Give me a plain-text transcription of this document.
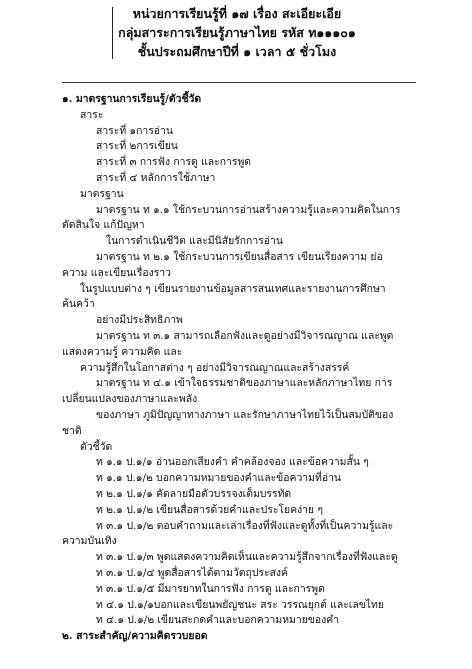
หน่วยการเรียนรู้ที่ ๑๗ เรื่อง สะเอียะเอีย
กลุ่มสาระการเรียนรู้ภาษาไทย รหัส ท๑๑๑๐๑
ชั้นประถมศึกษาปีที่ ๑ เวลา ๕ ชั่วโมง
๑. มาตรฐานการเรียนรู้/ตัวชี้วัด
สาระ
สาระที่ ๑การอ่าน
สาระที่ ๒การเขียน
สาระที่ ๓ การฟัง การดู และการพูด
สาระที่ ๔ หลักการใช้ภาษา
มาตรฐาน
มาตรฐาน ท ๑.๑ ใช้กระบวนการอ่านสร้างความรู้และความคิดในการ
ตัดสินใจ แก้ปัญหา
ในการดำเนินชีวิต และมีนิสัยรักการอ่าน
มาตรฐาน ท ๒.๑ ใช้กระบวนการเขียนสื่อสาร เขียนเรียงความ ย่อ
ความ และเขียนเรื่องราว
ในรูปแบบต่าง ๆ เขียนรายงานข้อมูลสารสนเทศและรายงานการศึกษา
ค้นคว้า
อย่างมีประสิทธิภาพ
มาตรฐาน ท ๓.๑ สามารถเลือกฟังและดูอย่างมีวิจารณญาณ และพูด
แสดงความรู้ ความคิด และ
ความรู้สึกในโอกาสต่าง ๆ อย่างมีวิจารณญาณและสร้างสรรค์
มาตรฐาน ท ๔.๑ เข้าใจธรรมชาติของภาษาและหลักภาษาไทย การ
เปลี่ยนแปลงของภาษาและพลัง
ของภาษา ภูมิปัญญาทางภาษา และรักษาภาษาไทยไว้เป็นสมบัติของ
ชาติ
ตัวชี้วัด
ท ๑.๑ ป.๑/๑ อ่านออกเสียงคำ คำคล้องจอง และข้อความสั้น ๆ
ท ๑.๑ ป.๑/๒ บอกความหมายของคำและข้อความที่อ่าน
ท ๒.๑ ป.๑/๑ คัดลายมือตัวบรรจงเต็มบรรทัด
ท ๒.๑ ป.๑/๒ เขียนสื่อสารด้วยคำและประโยคง่าย ๆ
ท ๓.๑ ป.๑/๒ ตอบคำถามและเล่าเรื่องที่ฟังและดูทั้งที่เป็นความรู้และ
ความบันเทิง
ท ๓.๑ ป.๑/๓ พูดแสดงความคิดเห็นและความรู้สึกจากเรื่องที่ฟังและดู
ท ๓.๑ ป.๑/๔ พูดสื่อสารได้ตามวัตถุประสงค์
ท ๓.๑ ป.๑/๕ มีมารยาทในการฟัง การดู และการพูด
ท ๔.๑ ป.๑/๑บอกและเขียนพยัญชนะ สระ วรรณยุกต์ และเลขไทย
ท ๔.๑ ป.๑/๒ เขียนสะกดคำและบอกความหมายของคำ
๒. สาระสำคัญ/ความคิดรวบยอด
